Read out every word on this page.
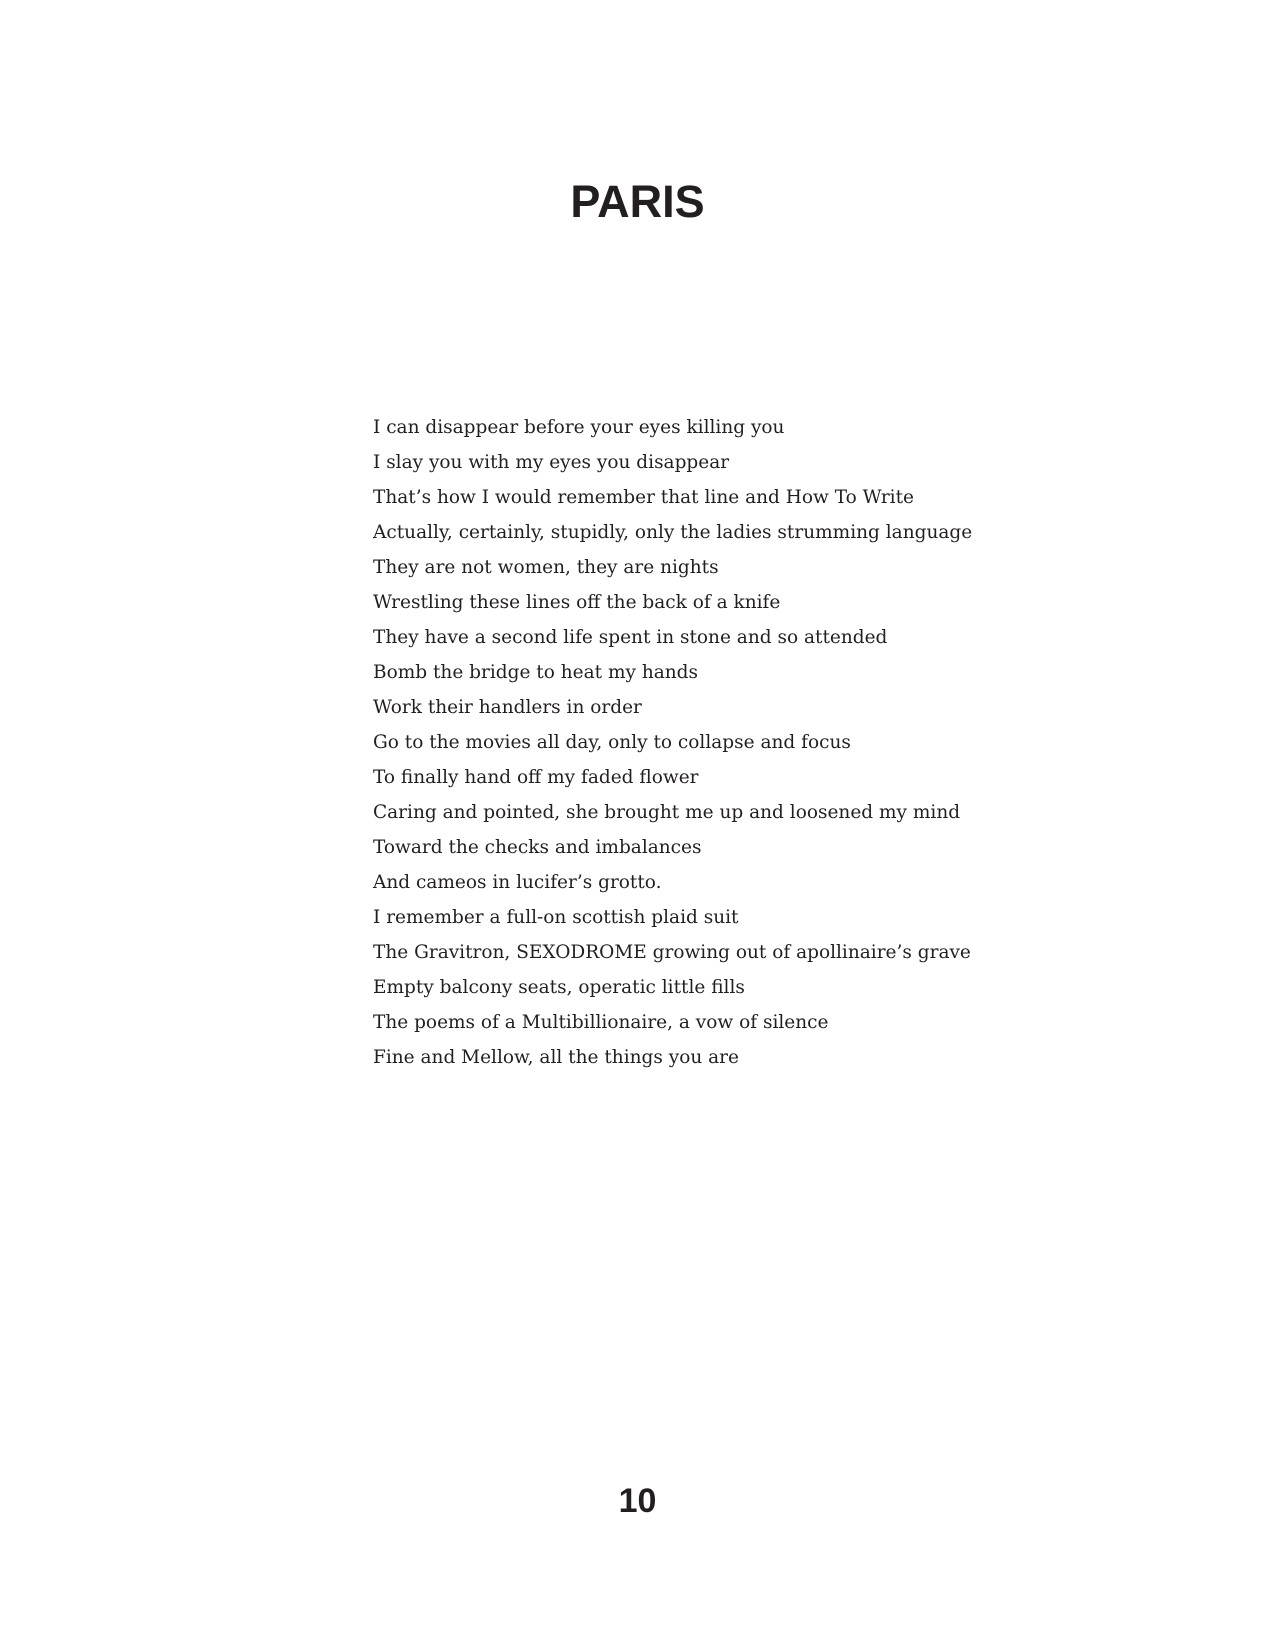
PARIS
I can disappear before your eyes killing you
I slay you with my eyes you disappear
That’s how I would remember that line and How To Write
Actually, certainly, stupidly, only the ladies strumming language
They are not women, they are nights
Wrestling these lines off the back of a knife
They have a second life spent in stone and so attended
Bomb the bridge to heat my hands
Work their handlers in order
Go to the movies all day, only to collapse and focus
To finally hand off my faded flower
Caring and pointed, she brought me up and loosened my mind
Toward the checks and imbalances
And cameos in lucifer’s grotto.
I remember a full-on scottish plaid suit
The Gravitron, SEXODROME growing out of apollinaire’s grave
Empty balcony seats, operatic little fills
The poems of a Multibillionaire, a vow of silence
Fine and Mellow, all the things you are
10
